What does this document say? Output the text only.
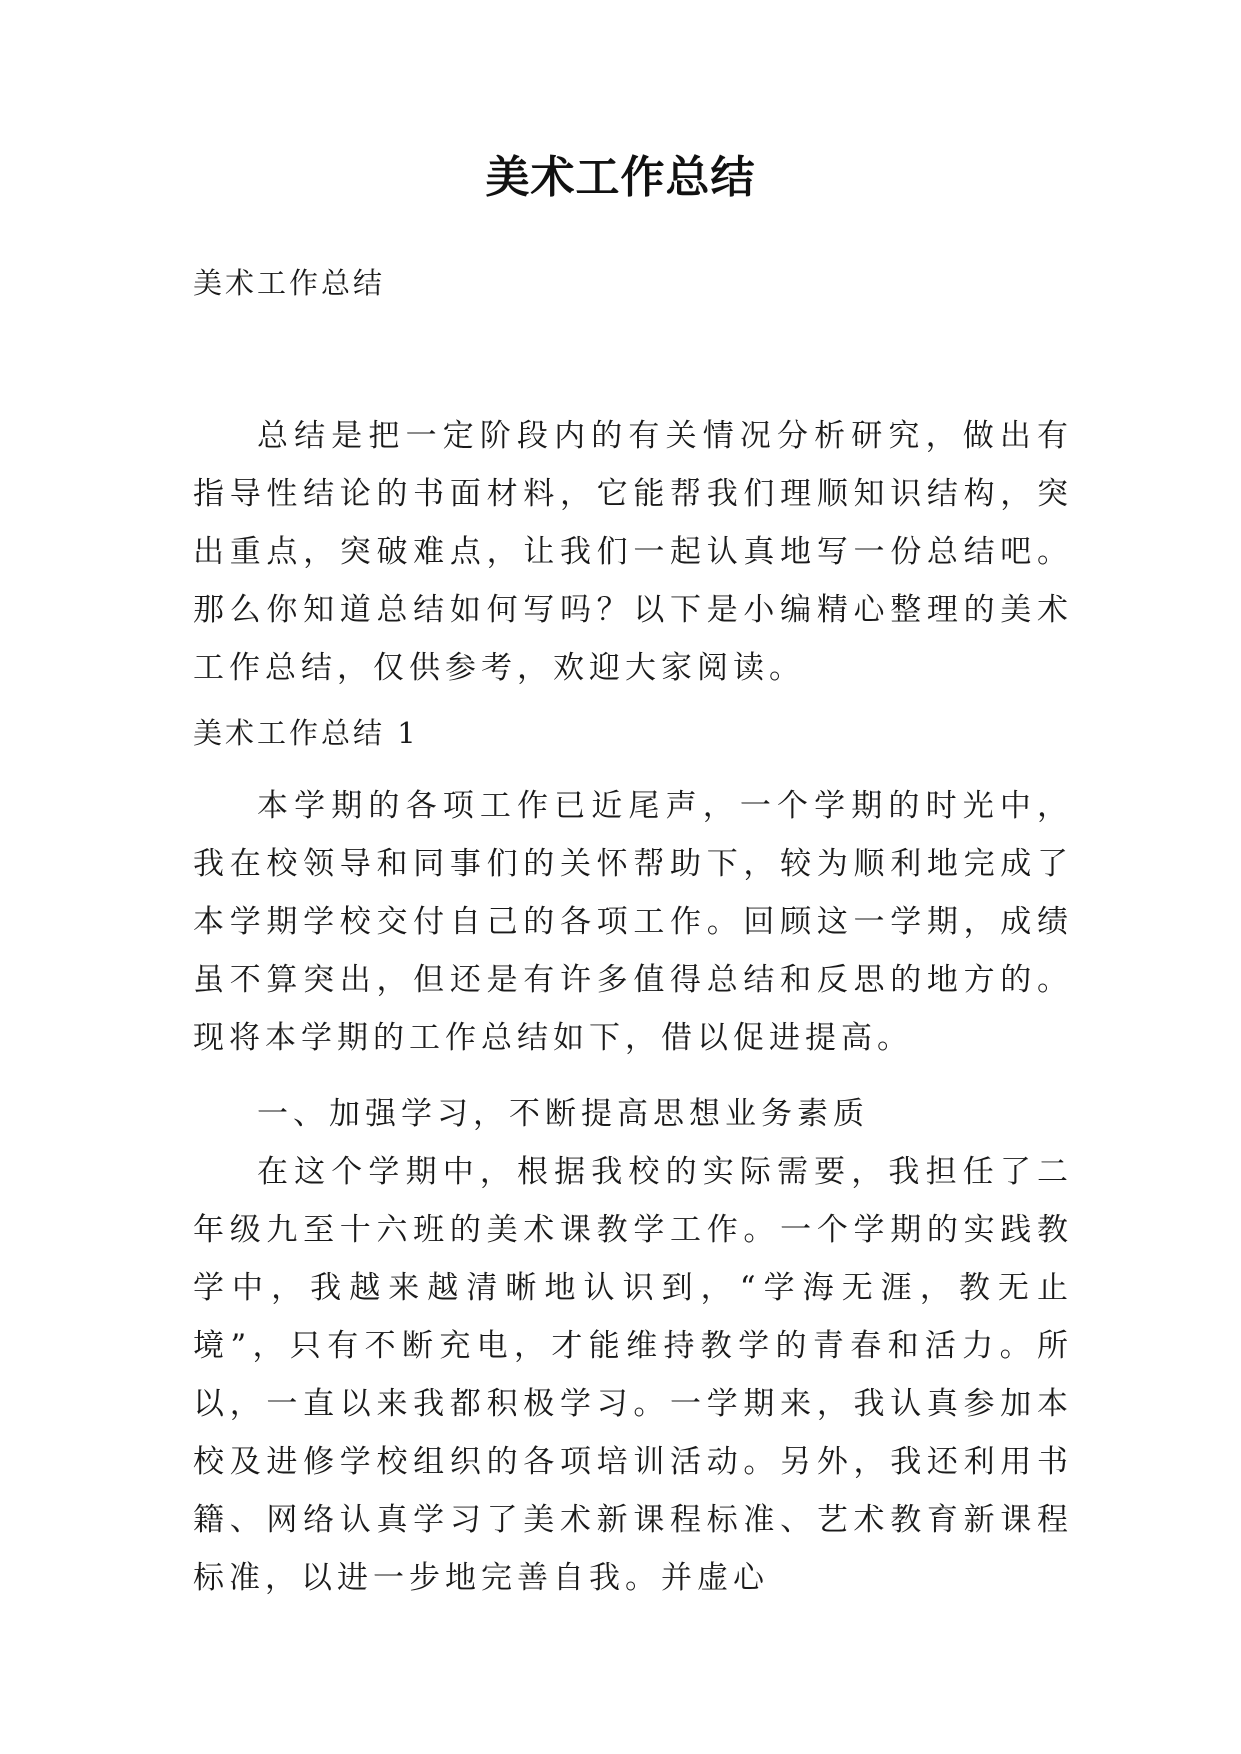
美术工作总结
美术工作总结
总结是把一定阶段内的有关情况分析研究，做出有指导性结论的书面材料，它能帮我们理顺知识结构，突出重点，突破难点，让我们一起认真地写一份总结吧。那么你知道总结如何写吗？以下是小编精心整理的美术工作总结，仅供参考，欢迎大家阅读。
美术工作总结 1
本学期的各项工作已近尾声，一个学期的时光中，我在校领导和同事们的关怀帮助下，较为顺利地完成了本学期学校交付自己的各项工作。回顾这一学期，成绩虽不算突出，但还是有许多值得总结和反思的地方的。现将本学期的工作总结如下，借以促进提高。
一、加强学习，不断提高思想业务素质
在这个学期中，根据我校的实际需要，我担任了二年级九至十六班的美术课教学工作。一个学期的实践教学中，我越来越清晰地认识到，“学海无涯，教无止境”，只有不断充电，才能维持教学的青春和活力。所以，一直以来我都积极学习。一学期来，我认真参加本校及进修学校组织的各项培训活动。另外，我还利用书籍、网络认真学习了美术新课程标准、艺术教育新课程标准，以进一步地完善自我。并虚心
